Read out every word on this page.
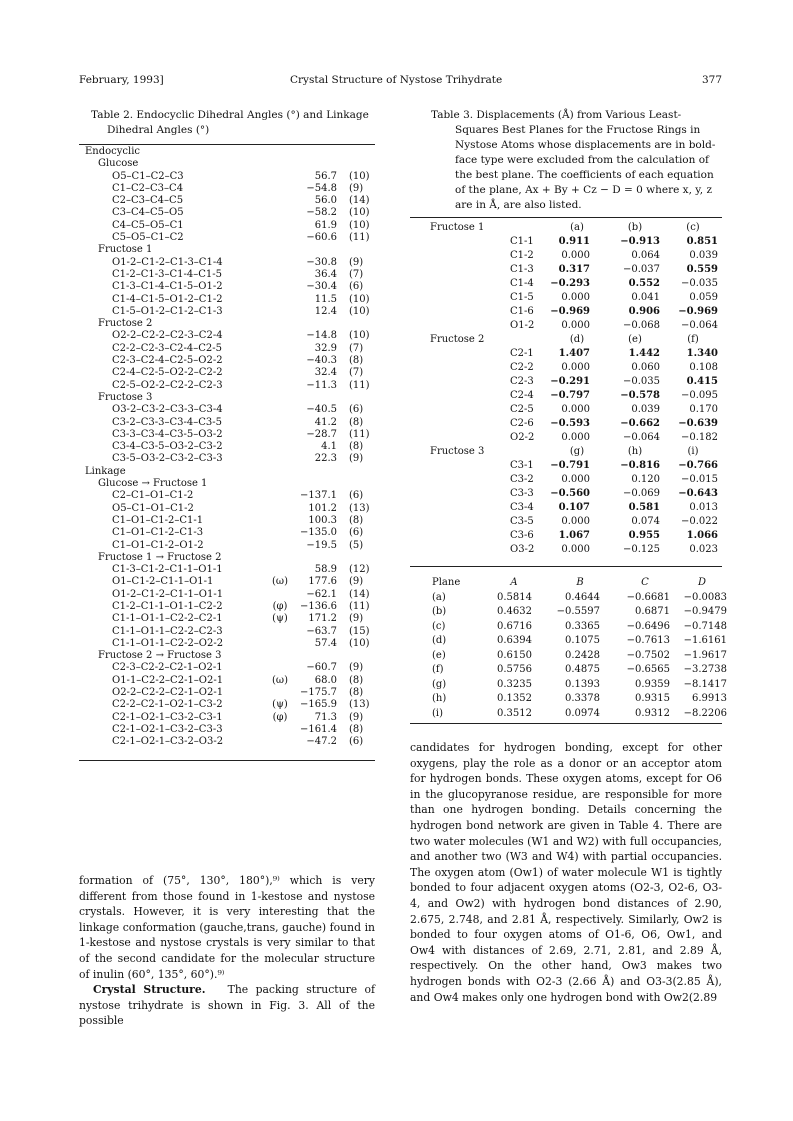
February, 1993]	Crystal Structure of Nystose Trihydrate	377
Table 2. Endocyclic Dihedral Angles (°) and Linkage
Dihedral Angles (°)
Endocyclic
Glucose
O5–C1–C2–C3	56.7 (10)
C1–C2–C3–C4	−54.8 (9)
C2–C3–C4–C5	56.0 (14)
C3–C4–C5–O5	−58.2 (10)
C4–C5–O5–C1	61.9 (10)
C5–O5–C1–C2	−60.6 (11)
Fructose 1
O1-2–C1-2–C1-3–C1-4	−30.8 (9)
C1-2–C1-3–C1-4–C1-5	36.4 (7)
C1-3–C1-4–C1-5–O1-2	−30.4 (6)
C1-4–C1-5–O1-2–C1-2	11.5 (10)
C1-5–O1-2–C1-2–C1-3	12.4 (10)
Fructose 2
O2-2–C2-2–C2-3–C2-4	−14.8 (10)
C2-2–C2-3–C2-4–C2-5	32.9 (7)
C2-3–C2-4–C2-5–O2-2	−40.3 (8)
C2-4–C2-5–O2-2–C2-2	32.4 (7)
C2-5–O2-2–C2-2–C2-3	−11.3 (11)
Fructose 3
O3-2–C3-2–C3-3–C3-4	−40.5 (6)
C3-2–C3-3–C3-4–C3-5	41.2 (8)
C3-3–C3-4–C3-5–O3-2	−28.7 (11)
C3-4–C3-5–O3-2–C3-2	4.1 (8)
C3-5–O3-2–C3-2–C3-3	22.3 (9)
Linkage
Glucose → Fructose 1
C2–C1–O1–C1-2	−137.1 (6)
O5–C1–O1–C1-2	101.2 (13)
C1–O1–C1-2–C1-1	100.3 (8)
C1–O1–C1-2–C1-3	−135.0 (6)
C1–O1–C1-2–O1-2	−19.5 (5)
Fructose 1 → Fructose 2
C1-3–C1-2–C1-1–O1-1	58.9 (12)
O1–C1-2–C1-1–O1-1	(ω)	177.6 (9)
O1-2–C1-2–C1-1–O1-1	−62.1 (14)
C1-2–C1-1–O1-1–C2-2	(φ)	−136.6 (11)
C1-1–O1-1–C2-2–C2-1	(ψ)	171.2 (9)
C1-1–O1-1–C2-2–C2-3	−63.7 (15)
C1-1–O1-1–C2-2–O2-2	57.4 (10)
Fructose 2 → Fructose 3
C2-3–C2-2–C2-1–O2-1	−60.7 (9)
O1-1–C2-2–C2-1–O2-1	(ω)	68.0 (8)
O2-2–C2-2–C2-1–O2-1	−175.7 (8)
C2-2–C2-1–O2-1–C3-2	(ψ)	−165.9 (13)
C2-1–O2-1–C3-2–C3-1	(φ)	71.3 (9)
C2-1–O2-1–C3-2–C3-3	−161.4 (8)
C2-1–O2-1–C3-2–O3-2	−47.2 (6)
Table 3. Displacements (Å) from Various Least-
Squares Best Planes for the Fructose Rings in Nystose Atoms whose displacements are in bold-face type were excluded from the calculation of the best plane. The coefficients of each equation of the plane, Ax + By + Cz − D = 0 where x, y, z are in Å, are also listed.
Fructose 1	(a)	(b)	(c)
C1-1	0.911	−0.913	0.851
C1-2	0.000	0.064	0.039
C1-3	0.317	−0.037	0.559
C1-4	−0.293	0.552	−0.035
C1-5	0.000	0.041	0.059
C1-6	−0.969	0.906	−0.969
O1-2	0.000	−0.068	−0.064
Fructose 2	(d)	(e)	(f)
C2-1	1.407	1.442	1.340
C2-2	0.000	0.060	0.108
C2-3	−0.291	−0.035	0.415
C2-4	−0.797	−0.578	−0.095
C2-5	0.000	0.039	0.170
C2-6	−0.593	−0.662	−0.639
O2-2	0.000	−0.064	−0.182
Fructose 3	(g)	(h)	(i)
C3-1	−0.791	−0.816	−0.766
C3-2	0.000	0.120	−0.015
C3-3	−0.560	−0.069	−0.643
C3-4	0.107	0.581	0.013
C3-5	0.000	0.074	−0.022
C3-6	1.067	0.955	1.066
O3-2	0.000	−0.125	0.023
Plane	A	B	C	D
(a)	0.5814	0.4644	−0.6681	−0.0083
(b)	0.4632	−0.5597	0.6871	−0.9479
(c)	0.6716	0.3365	−0.6496	−0.7148
(d)	0.6394	0.1075	−0.7613	−1.6161
(e)	0.6150	0.2428	−0.7502	−1.9617
(f)	0.5756	0.4875	−0.6565	−3.2738
(g)	0.3235	0.1393	0.9359	−8.1417
(h)	0.1352	0.3378	0.9315	6.9913
(i)	0.3512	0.0974	0.9312	−8.2206

formation of (75°, 130°, 180°),⁹⁾ which is very different from those found in 1-kestose and nystose crystals. However, it is very interesting that the linkage conformation (gauche,trans, gauche) found in 1-kestose and nystose crystals is very similar to that of the second candidate for the molecular structure of inulin (60°, 135°, 60°).⁹⁾

Crystal Structure. The packing structure of nystose trihydrate is shown in Fig. 3. All of the possible

candidates for hydrogen bonding, except for other oxygens, play the role as a donor or an acceptor atom for hydrogen bonds. These oxygen atoms, except for O6 in the glucopyranose residue, are responsible for more than one hydrogen bonding. Details concerning the hydrogen bond network are given in Table 4. There are two water molecules (W1 and W2) with full occupancies, and another two (W3 and W4) with partial occupancies. The oxygen atom (Ow1) of water molecule W1 is tightly bonded to four adjacent oxygen atoms (O2-3, O2-6, O3-4, and Ow2) with hydrogen bond distances of 2.90, 2.675, 2.748, and 2.81 Å, respectively. Similarly, Ow2 is bonded to four oxygen atoms of O1-6, O6, Ow1, and Ow4 with distances of 2.69, 2.71, 2.81, and 2.89 Å, respectively. On the other hand, Ow3 makes two hydrogen bonds with O2-3 (2.66 Å) and O3-3(2.85 Å), and Ow4 makes only one hydrogen bond with Ow2(2.89
